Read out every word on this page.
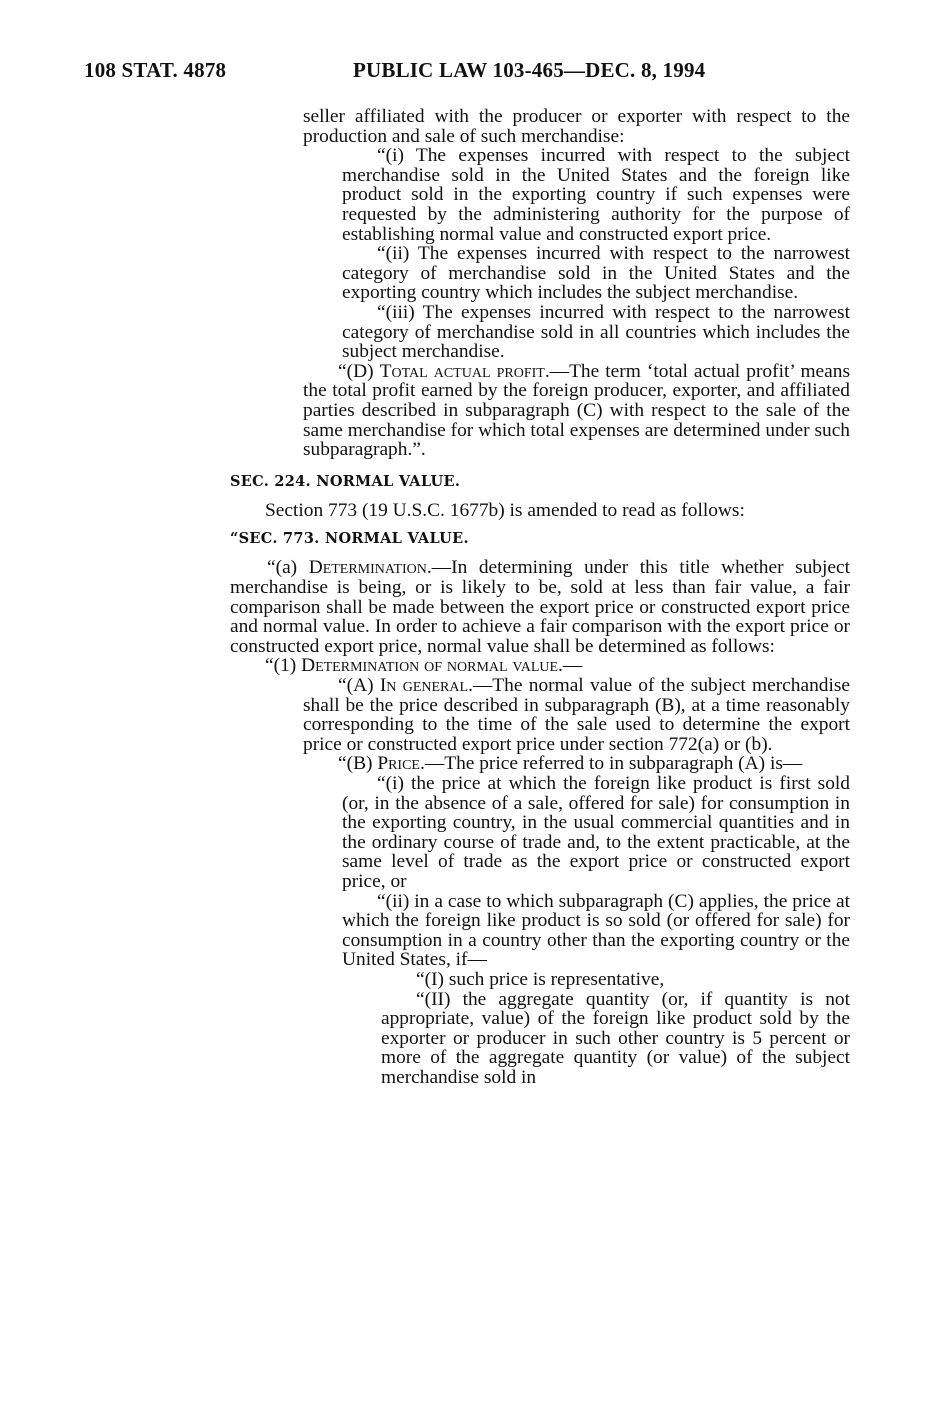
108 STAT. 4878	PUBLIC LAW 103-465—DEC. 8, 1994

seller affiliated with the producer or exporter with respect to the production and sale of such merchandise:

“(i) The expenses incurred with respect to the subject merchandise sold in the United States and the foreign like product sold in the exporting country if such expenses were requested by the administering authority for the purpose of establishing normal value and constructed export price.

“(ii) The expenses incurred with respect to the narrowest category of merchandise sold in the United States and the exporting country which includes the subject merchandise.

“(iii) The expenses incurred with respect to the narrowest category of merchandise sold in all countries which includes the subject merchandise.

“(D) Total actual profit.—The term ‘total actual profit’ means the total profit earned by the foreign producer, exporter, and affiliated parties described in subparagraph (C) with respect to the sale of the same merchandise for which total expenses are determined under such subparagraph.”.

SEC. 224. NORMAL VALUE.

Section 773 (19 U.S.C. 1677b) is amended to read as follows:

“SEC. 773. NORMAL VALUE.

“(a) Determination.—In determining under this title whether subject merchandise is being, or is likely to be, sold at less than fair value, a fair comparison shall be made between the export price or constructed export price and normal value. In order to achieve a fair comparison with the export price or constructed export price, normal value shall be determined as follows:

“(1) Determination of normal value.—

“(A) In general.—The normal value of the subject merchandise shall be the price described in subparagraph (B), at a time reasonably corresponding to the time of the sale used to determine the export price or constructed export price under section 772(a) or (b).

“(B) Price.—The price referred to in subparagraph (A) is—

“(i) the price at which the foreign like product is first sold (or, in the absence of a sale, offered for sale) for consumption in the exporting country, in the usual commercial quantities and in the ordinary course of trade and, to the extent practicable, at the same level of trade as the export price or constructed export price, or

“(ii) in a case to which subparagraph (C) applies, the price at which the foreign like product is so sold (or offered for sale) for consumption in a country other than the exporting country or the United States, if—

“(I) such price is representative,

“(II) the aggregate quantity (or, if quantity is not appropriate, value) of the foreign like product sold by the exporter or producer in such other country is 5 percent or more of the aggregate quantity (or value) of the subject merchandise sold in
